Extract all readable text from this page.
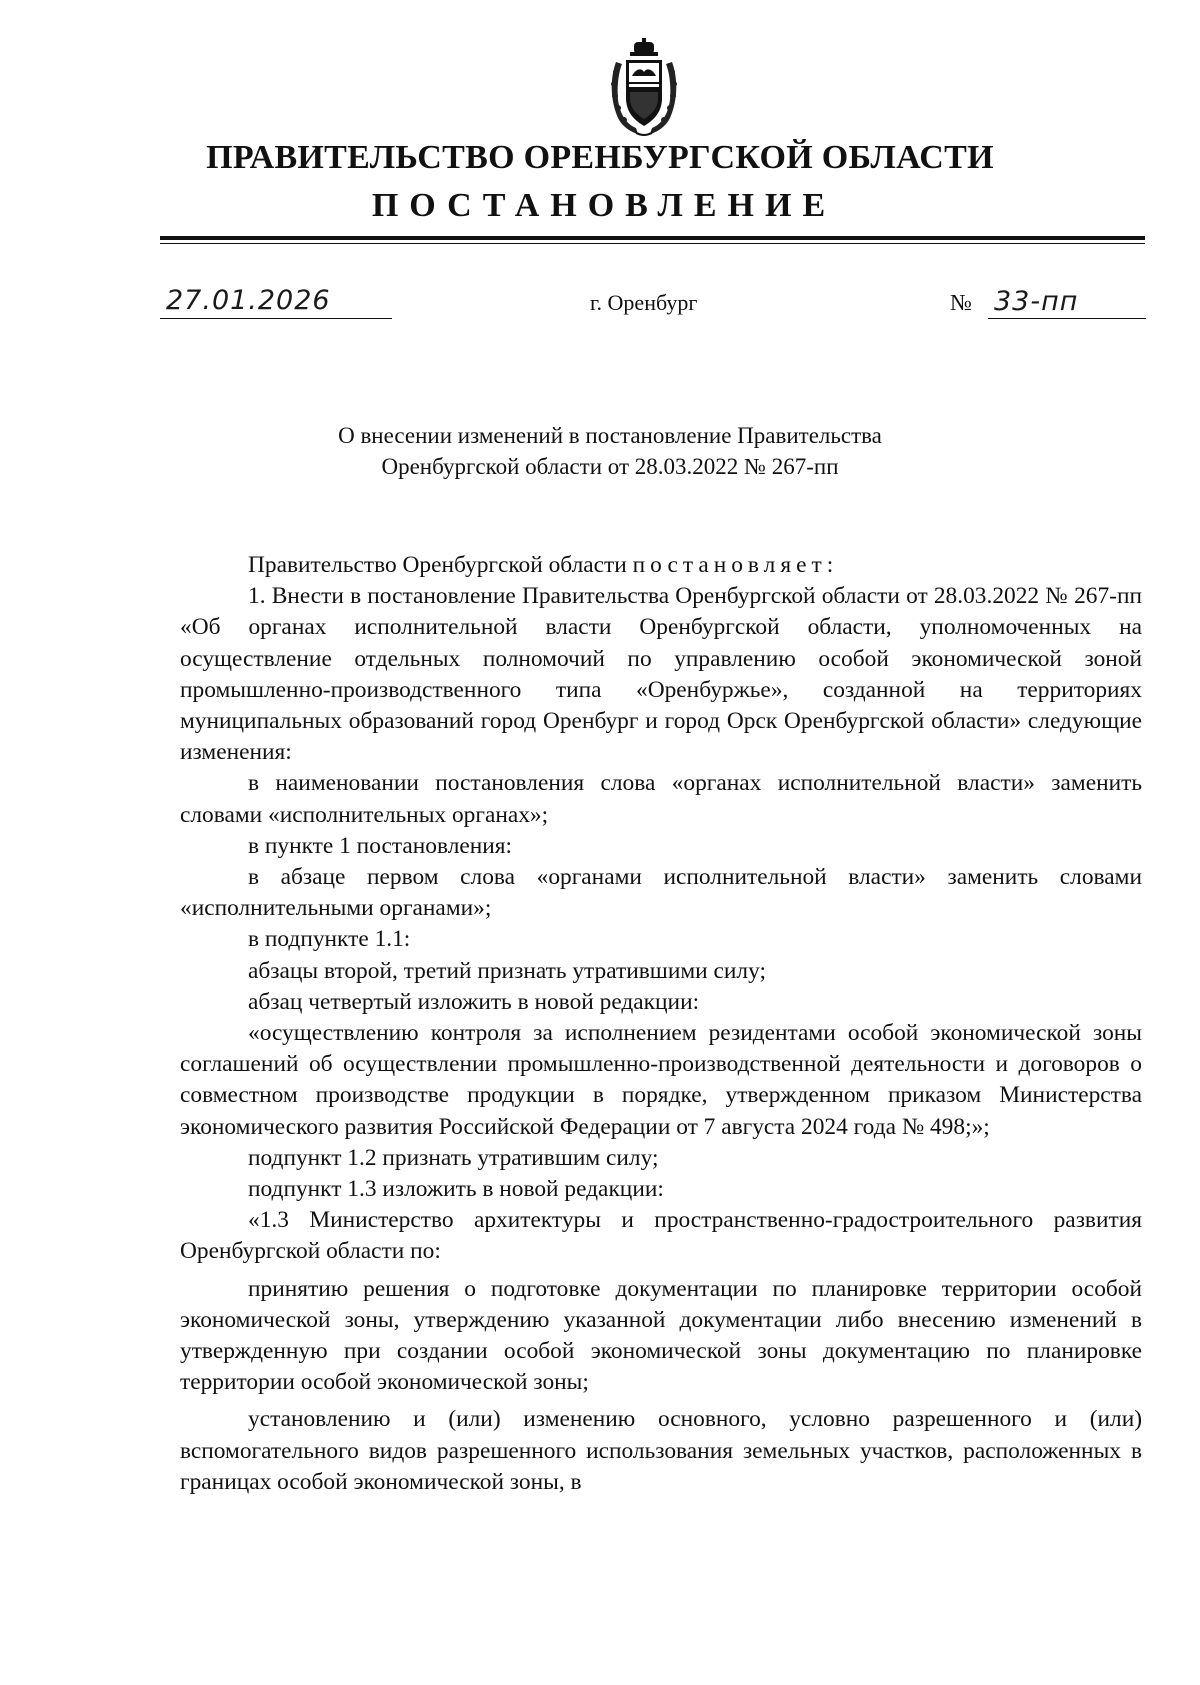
ПРАВИТЕЛЬСТВО ОРЕНБУРГСКОЙ ОБЛАСТИ
ПОСТАНОВЛЕНИЕ
27.01.2026	г. Оренбург	№ 33-пп
О внесении изменений в постановление Правительства
Оренбургской области от 28.03.2022 № 267-пп

Правительство Оренбургской области постановляет:

1. Внести в постановление Правительства Оренбургской области от 28.03.2022 № 267-пп «Об органах исполнительной власти Оренбургской области, уполномоченных на осуществление отдельных полномочий по управлению особой экономической зоной промышленно-производственного типа «Оренбуржье», созданной на территориях муниципальных образований город Оренбург и город Орск Оренбургской области» следующие изменения:

в наименовании постановления слова «органах исполнительной власти» заменить словами «исполнительных органах»;

в пункте 1 постановления:

в абзаце первом слова «органами исполнительной власти» заменить словами «исполнительными органами»;

в подпункте 1.1:

абзацы второй, третий признать утратившими силу;

абзац четвертый изложить в новой редакции:

«осуществлению контроля за исполнением резидентами особой экономической зоны соглашений об осуществлении промышленно-производственной деятельности и договоров о совместном производстве продукции в порядке, утвержденном приказом Министерства экономического развития Российской Федерации от 7 августа 2024 года № 498;»;

подпункт 1.2 признать утратившим силу;

подпункт 1.3 изложить в новой редакции:

«1.3 Министерство архитектуры и пространственно-градостроительного развития Оренбургской области по:

принятию решения о подготовке документации по планировке территории особой экономической зоны, утверждению указанной документации либо внесению изменений в утвержденную при создании особой экономической зоны документацию по планировке территории особой экономической зоны;

установлению и (или) изменению основного, условно разрешенного и (или) вспомогательного видов разрешенного использования земельных участков, расположенных в границах особой экономической зоны, в
